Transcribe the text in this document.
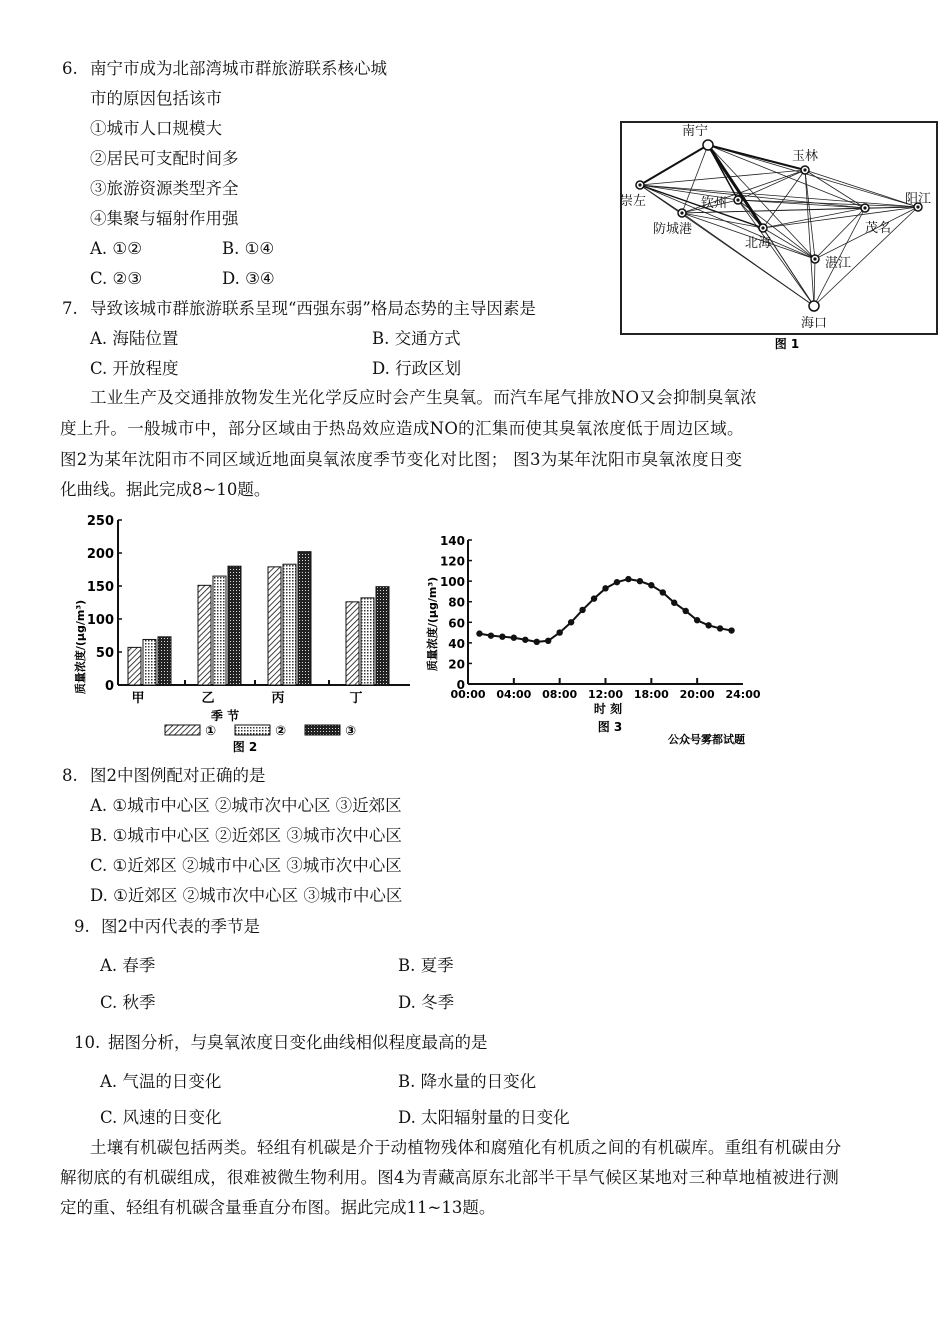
6. 南宁市成为北部湾城市群旅游联系核心城
市的原因包括该市
①城市人口规模大
②居民可支配时间多
③旅游资源类型齐全
④集聚与辐射作用强
A. ①②	B. ①④
C. ②③	D. ③④
7. 导致该城市群旅游联系呈现“西强东弱”格局态势的主导因素是
A. 海陆位置	B. 交通方式
C. 开放程度	D. 行政区划
南宁
玉林
崇左	钦州
防城港	茂名
阳江
北海
湛江
海口
图 1
工业生产及交通排放物发生光化学反应时会产生臭氧。而汽车尾气排放NO又会抑制臭氧浓
度上升。一般城市中，部分区域由于热岛效应造成NO的汇集而使其臭氧浓度低于周边区域。
图2为某年沈阳市不同区域近地面臭氧浓度季节变化对比图； 图3为某年沈阳市臭氧浓度日变
化曲线。据此完成8~10题。
0
50
100
150
200
250
质量浓度/(μg/m³)
甲	乙	丙	丁
季 节
①	②	③
图 2
0
20
40
60
80
100
120
140
质量浓度/(μg/m³)
00:00 04:00 08:00 12:00 18:00 20:00 24:00
时 刻
图 3
公众号雾都试题
8. 图2中图例配对正确的是
A. ①城市中心区 ②城市次中心区 ③近郊区
B. ①城市中心区 ②近郊区 ③城市次中心区
C. ①近郊区 ②城市中心区 ③城市次中心区
D. ①近郊区 ②城市次中心区 ③城市中心区
9. 图2中丙代表的季节是
A. 春季	B. 夏季
C. 秋季	D. 冬季
10. 据图分析，与臭氧浓度日变化曲线相似程度最高的是
A. 气温的日变化	B. 降水量的日变化
C. 风速的日变化	D. 太阳辐射量的日变化
土壤有机碳包括两类。轻组有机碳是介于动植物残体和腐殖化有机质之间的有机碳库。重组有机碳由分
解彻底的有机碳组成，很难被微生物利用。图4为青藏高原东北部半干旱气候区某地对三种草地植被进行测
定的重、轻组有机碳含量垂直分布图。据此完成11~13题。
